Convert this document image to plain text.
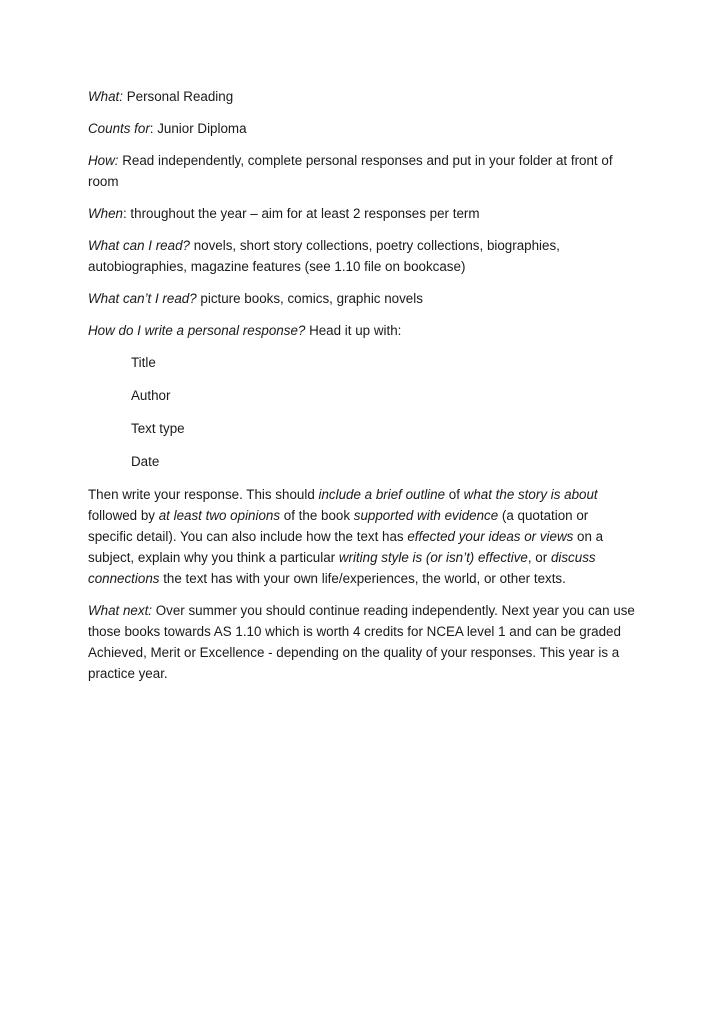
What: Personal Reading

Counts for: Junior Diploma

How: Read independently, complete personal responses and put in your folder at front of room

When: throughout the year – aim for at least 2 responses per term

What can I read? novels, short story collections, poetry collections, biographies, autobiographies, magazine features (see 1.10 file on bookcase)

What can’t I read? picture books, comics, graphic novels

How do I write a personal response? Head it up with:

Title
Author
Text type
Date

Then write your response. This should include a brief outline of what the story is about followed by at least two opinions of the book supported with evidence (a quotation or specific detail). You can also include how the text has effected your ideas or views on a subject, explain why you think a particular writing style is (or isn’t) effective, or discuss connections the text has with your own life/experiences, the world, or other texts.

What next: Over summer you should continue reading independently. Next year you can use those books towards AS 1.10 which is worth 4 credits for NCEA level 1 and can be graded Achieved, Merit or Excellence - depending on the quality of your responses. This year is a practice year.
